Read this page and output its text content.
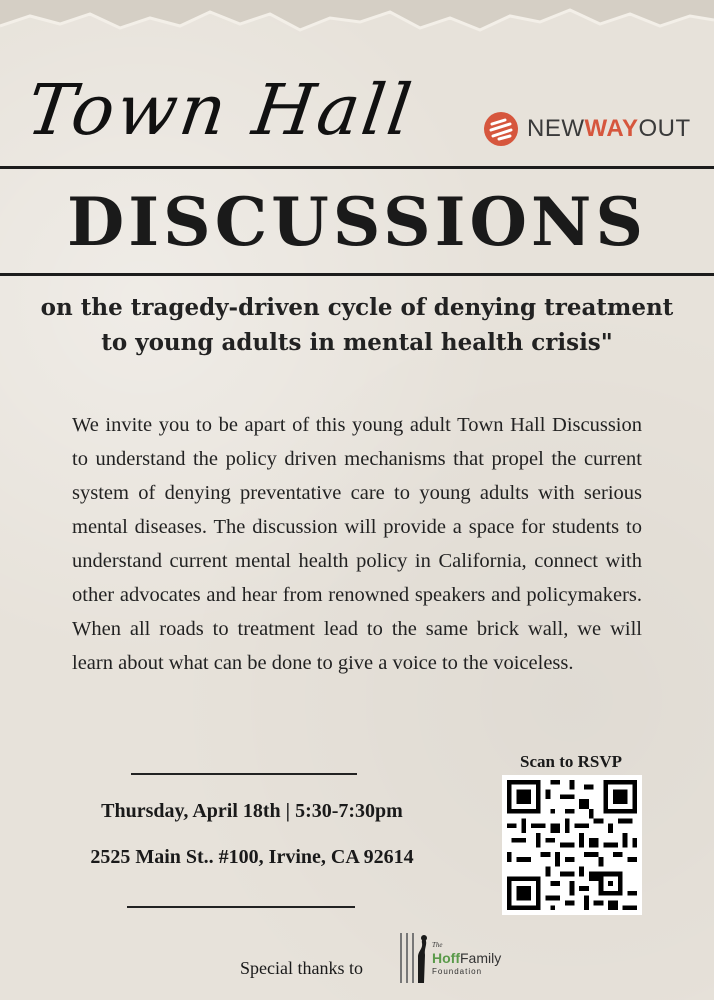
Town Hall	NEWWAYOUT
DISCUSSIONS
on the tragedy-driven cycle of denying treatment to young adults in mental health crisis"
We invite you to be apart of this young adult Town Hall Discussion to understand the policy driven mechanisms that propel the current system of denying preventative care to young adults with serious mental diseases. The discussion will provide a space for students to understand current mental health policy in California, connect with other advocates and hear from renowned speakers and policymakers. When all roads to treatment lead to the same brick wall, we will learn about what can be done to give a voice to the voiceless.
Thursday, April 18th | 5:30-7:30pm
2525 Main St.. #100, Irvine, CA 92614
Scan to RSVP
Special thanks to
The
HoffFamily
Foundation
